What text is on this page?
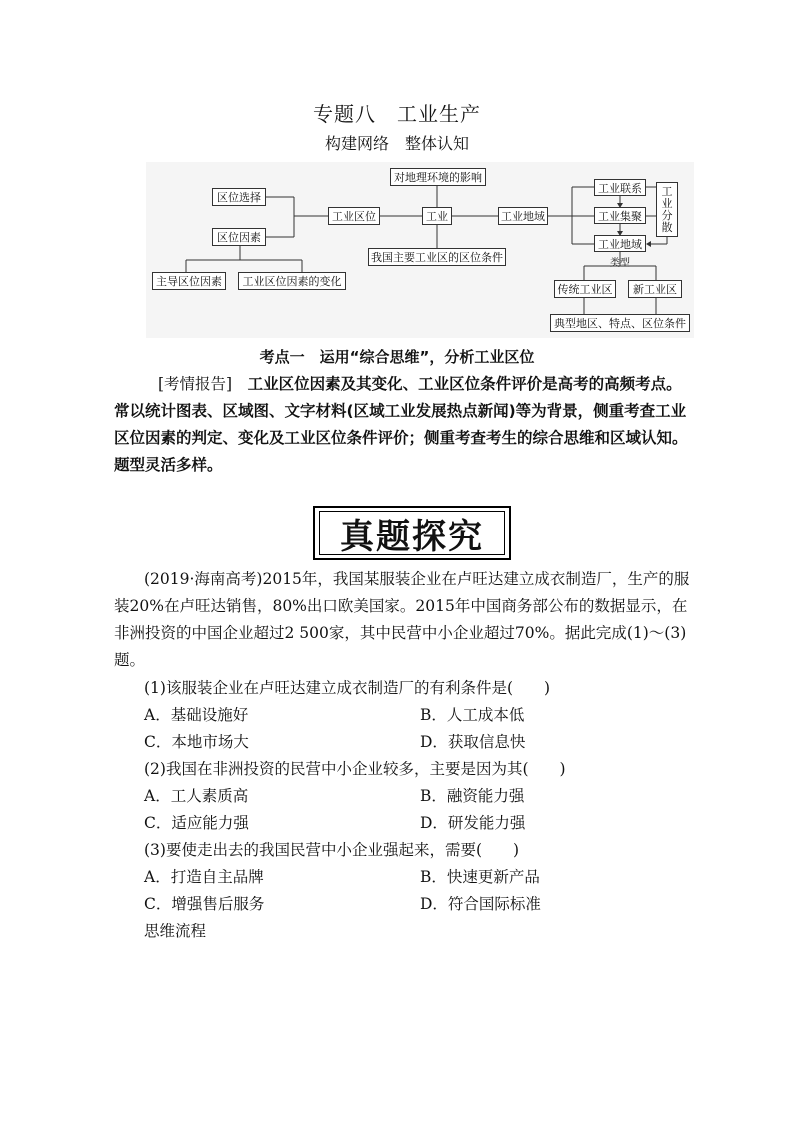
专题八　工业生产
构建网络　整体认知
区位选择
区位因素
主导区位因素	工业区位因素的变化
工业区位	工业	工业地域
对地理环境的影响
我国主要工业区的区位条件
工业联系
工业集聚
工业地域
工业分散
类型
传统工业区	新工业区
典型地区、特点、区位条件
考点一　运用“综合思维”，分析工业区位
[考情报告]　 工业区位因素及其变化、工业区位条件评价是高考的高频考点。常以统计图表、区域图、文字材料(区域工业发展热点新闻)等为背景，侧重考查工业区位因素的判定、变化及工业区位条件评价；侧重考查考生的综合思维和区域认知。题型灵活多样。
真题探究
(2019·海南高考)2015年，我国某服装企业在卢旺达建立成衣制造厂，生产的服装20%在卢旺达销售，80%出口欧美国家。2015年中国商务部公布的数据显示，在非洲投资的中国企业超过2 500家，其中民营中小企业超过70%。据此完成(1)～(3)题。
(1)该服装企业在卢旺达建立成衣制造厂的有利条件是(　　)
A．基础设施好	B．人工成本低
C．本地市场大	D．获取信息快
(2)我国在非洲投资的民营中小企业较多，主要是因为其(　　)
A．工人素质高	B．融资能力强
C．适应能力强	D．研发能力强
(3)要使走出去的我国民营中小企业强起来，需要(　　)
A．打造自主品牌	B．快速更新产品
C．增强售后服务	D．符合国际标准
思维流程
